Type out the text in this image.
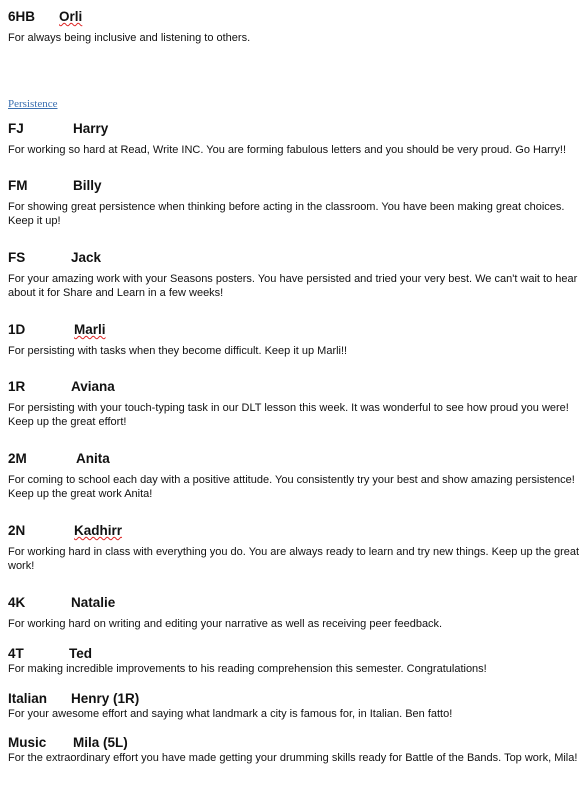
6HB Orli
For always being inclusive and listening to others.
Persistence
FJ	Harry
For working so hard at Read, Write INC. You are forming fabulous letters and you should be very proud. Go Harry!!
FM	Billy
For showing great persistence when thinking before acting in the classroom. You have been making great choices. Keep it up!
FS	Jack
For your amazing work with your Seasons posters. You have persisted and tried your very best. We can't wait to hear about it for Share and Learn in a few weeks!
1D	Marli
For persisting with tasks when they become difficult. Keep it up Marli!!
1R	Aviana
For persisting with your touch-typing task in our DLT lesson this week. It was wonderful to see how proud you were! Keep up the great effort!
2M	Anita
For coming to school each day with a positive attitude. You consistently try your best and show amazing persistence! Keep up the great work Anita!
2N	Kadhirr
For working hard in class with everything you do. You are always ready to learn and try new things. Keep up the great work!
4K	Natalie
For working hard on writing and editing your narrative as well as receiving peer feedback.
4T	Ted
For making incredible improvements to his reading comprehension this semester. Congratulations!
Italian Henry (1R)
For your awesome effort and saying what landmark a city is famous for, in Italian. Ben fatto!
Music Mila (5L)
For the extraordinary effort you have made getting your drumming skills ready for Battle of the Bands. Top work, Mila!
